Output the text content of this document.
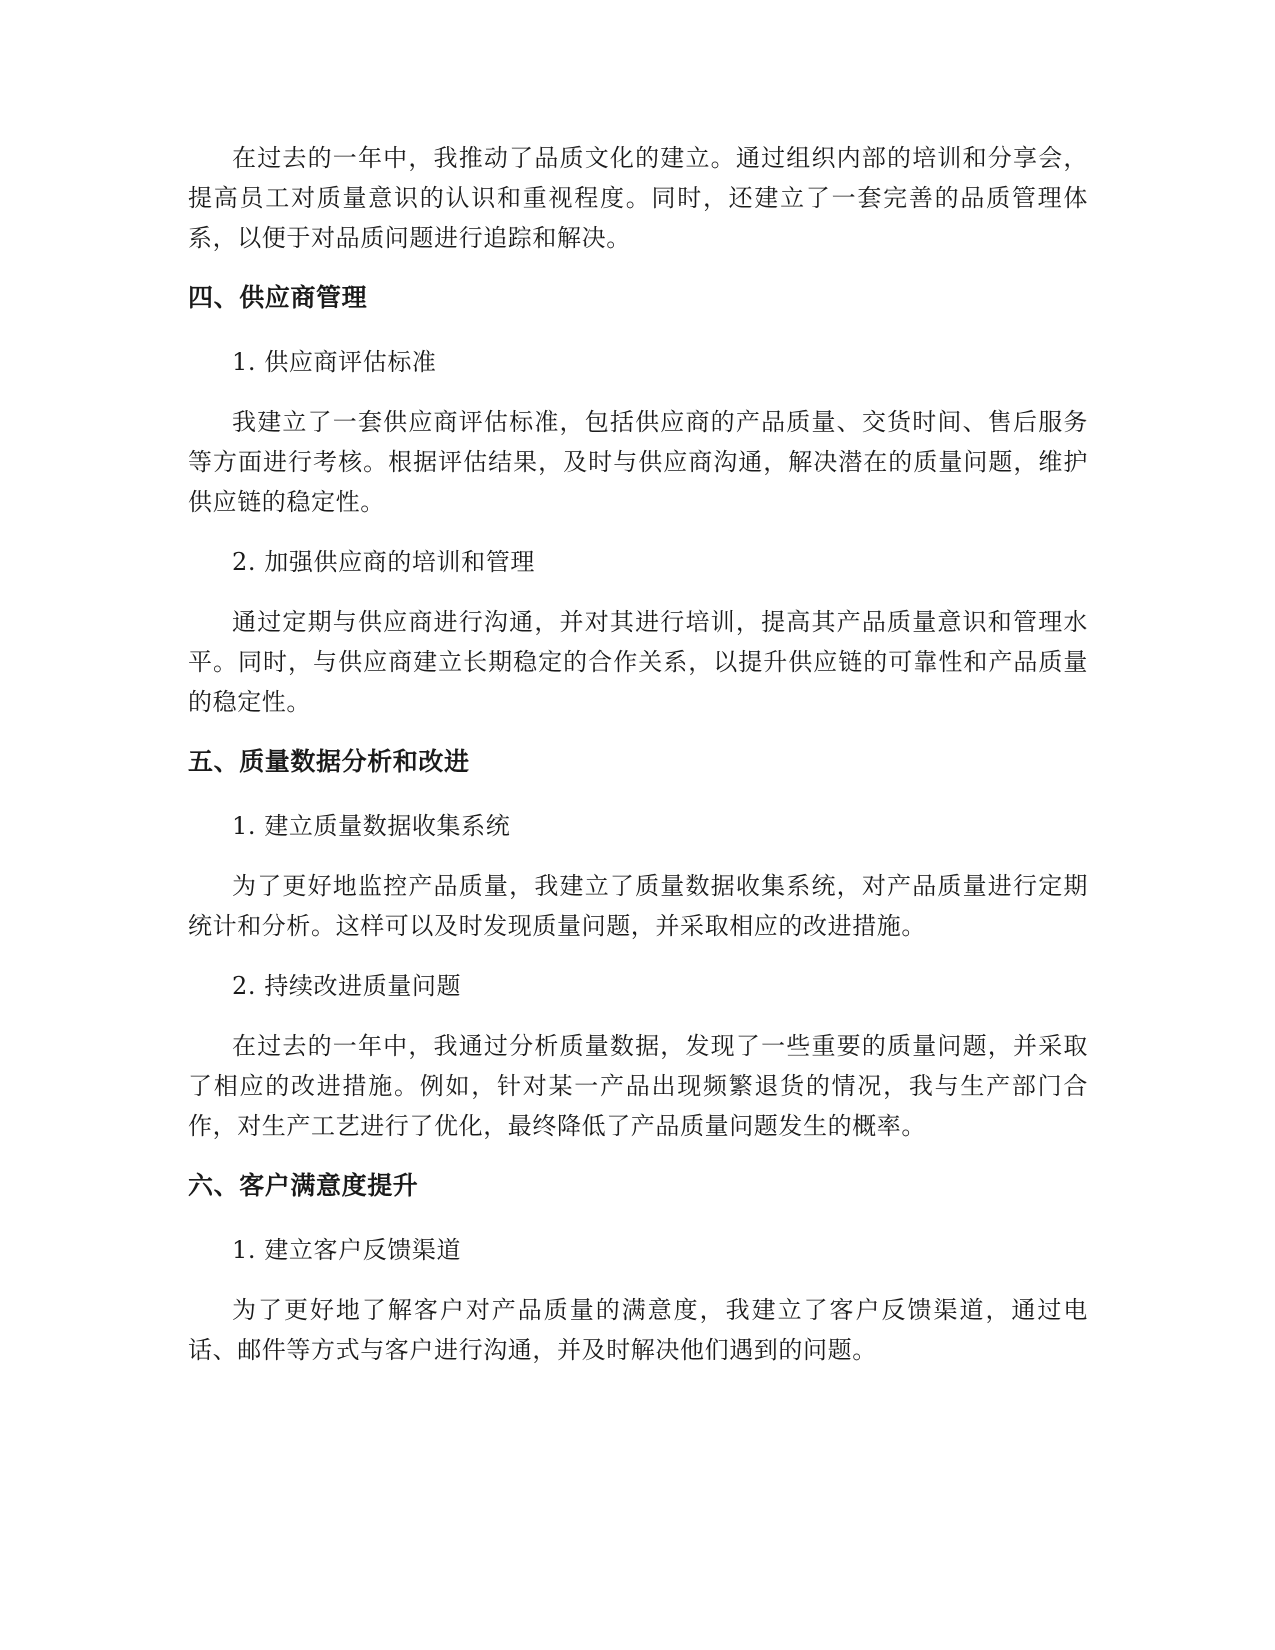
在过去的一年中，我推动了品质文化的建立。通过组织内部的培训和分享会，提高员工对质量意识的认识和重视程度。同时，还建立了一套完善的品质管理体系，以便于对品质问题进行追踪和解决。

四、供应商管理

1. 供应商评估标准

我建立了一套供应商评估标准，包括供应商的产品质量、交货时间、售后服务等方面进行考核。根据评估结果，及时与供应商沟通，解决潜在的质量问题，维护供应链的稳定性。

2. 加强供应商的培训和管理

通过定期与供应商进行沟通，并对其进行培训，提高其产品质量意识和管理水平。同时，与供应商建立长期稳定的合作关系，以提升供应链的可靠性和产品质量的稳定性。

五、质量数据分析和改进

1. 建立质量数据收集系统

为了更好地监控产品质量，我建立了质量数据收集系统，对产品质量进行定期统计和分析。这样可以及时发现质量问题，并采取相应的改进措施。

2. 持续改进质量问题

在过去的一年中，我通过分析质量数据，发现了一些重要的质量问题，并采取了相应的改进措施。例如，针对某一产品出现频繁退货的情况，我与生产部门合作，对生产工艺进行了优化，最终降低了产品质量问题发生的概率。

六、客户满意度提升

1. 建立客户反馈渠道

为了更好地了解客户对产品质量的满意度，我建立了客户反馈渠道，通过电话、邮件等方式与客户进行沟通，并及时解决他们遇到的问题。
